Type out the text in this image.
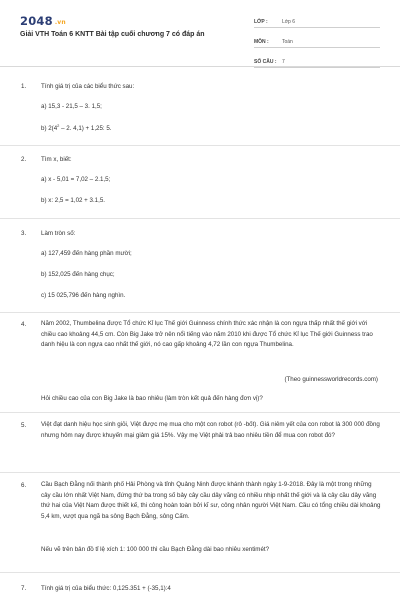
2048 .vn
Giải VTH Toán 6 KNTT Bài tập cuối chương 7 có đáp án
LỚP :	Lớp 6
MÔN :	Toán
SỐ CÂU : 7
1. Tính giá trị của các biểu thức sau:
a) 15,3 - 21,5 – 3. 1,5;
b) $2(4^2 - 2$. 4,1) + 1,25: 5.
2. Tìm x, biết:
a) x - 5,01 = 7,02 – 2.1,5;
b) x: 2,5 = 1,02 + 3.1,5.
3. Làm tròn số:
a) 127,459 đến hàng phần mười;
b) 152,025 đến hàng chục;
c) 15 025,796 đến hàng nghìn.
4. Năm 2002, Thumbelina được Tổ chức Kỉ lục Thế giới Guinness chính thức xác nhận là con ngựa thấp nhất thế giới với chiều cao khoảng 44,5 cm. Còn Big Jake trở nên nổi tiếng vào năm 2010 khi được Tổ chức Kỉ lục Thế giới Guinness trao danh hiệu là con ngựa cao nhất thế giới, nó cao gấp khoảng 4,72 lần con ngựa Thumbelina.
(Theo guinnessworldrecords.com)
Hỏi chiều cao của con Big Jake là bao nhiêu (làm tròn kết quả đến hàng đơn vị)?
5. Việt đạt danh hiệu học sinh giỏi, Việt được mẹ mua cho một con robot (rô -bốt). Giá niêm yết của con robot là 300 000 đồng nhưng hôm nay được khuyến mại giảm giá 15%. Vậy mẹ Việt phải trả bao nhiêu tiền để mua con robot đó?
6. Cầu Bạch Đằng nối thành phố Hải Phòng và tỉnh Quảng Ninh được khánh thành ngày 1-9-2018. Đây là một trong những cây cầu lớn nhất Việt Nam, đứng thứ ba trong số bảy cây cầu dây văng có nhiều nhịp nhất thế giới và là cây cầu dây văng thứ hai của Việt Nam được thiết kế, thi công hoàn toàn bởi kĩ sư, công nhân người Việt Nam. Cầu có tổng chiều dài khoảng 5,4 km, vượt qua ngã ba sông Bạch Đằng, sông Cấm.
Nếu vẽ trên bản đồ tỉ lệ xích 1: 100 000 thì cầu Bạch Đằng dài bao nhiêu xentimét?
7. Tính giá trị của biểu thức: 0,125.351 + (-35,1):4
